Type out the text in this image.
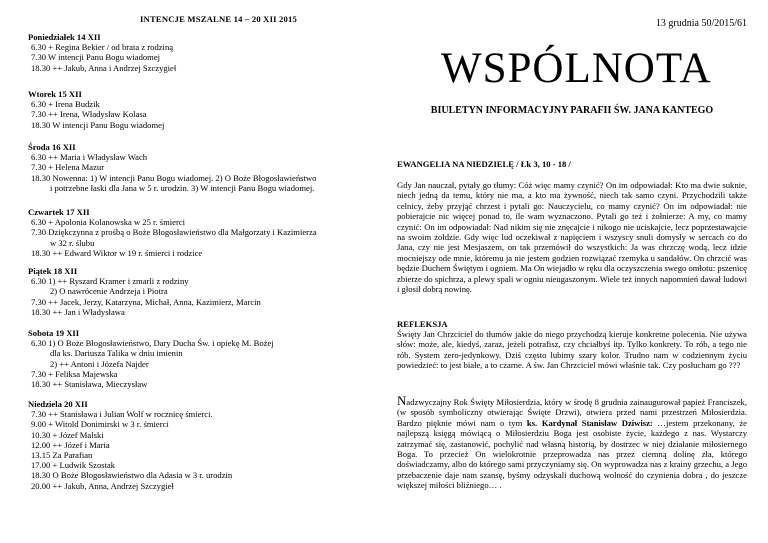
INTENCJE MSZALNE 14 – 20 XII 2015
Poniedziałek 14 XII
6.30 + Regina Bekier / od brata z rodziną
7.30 W intencji Panu Bogu wiadomej
18.30 ++ Jakub, Anna i Andrzej Szczygieł
Wtorek 15 XII
6.30 + Irena Budzik
7.30 ++ Irena, Władysław Kolasa
18.30 W intencji Panu Bogu wiadomej
Środa 16 XII
6.30 ++ Maria i Władysław Wach
7.30 + Helena Mazur
18.30 Nowenna: 1) W intencji Panu Bogu wiadomej. 2) O Boże Błogosławieństwo
i potrzebne łaski dla Jana w 5 r. urodzin. 3) W intencji Panu Bogu wiadomej.
Czwartek 17 XII
6.30 + Apolonia Kolanowska w 25 r. śmierci
7.30 Dziękczynna z prośbą o Boże Błogosławieństwo dla Małgorzaty i Kazimierza
w 32 r. ślubu
18.30 ++ Edward Wiktor w 19 r. śmierci i rodzice
Piątek 18 XII
6.30 1) ++ Ryszard Kramer i zmarli z rodziny
2) O nawrócenie Andrzeja i Piotra
7.30 ++ Jacek, Jerzy, Katarzyna, Michał, Anna, Kazimierz, Marcin
18.30 ++ Jan i Władysława
Sobota 19 XII
6.30 1) O Boże Błogosławieństwo, Dary Ducha Św. i opiekę M. Bożej
dla ks. Dariusza Talika w dniu imienin
2) ++ Antoni i Józefa Najder
7.30 + Feliksa Majewska
18.30 ++ Stanisława, Mieczysław
Niedziela 20 XII
7.30 ++ Stanisława i Julian Wolf w rocznicę śmierci.
9.00 + Witold Donimirski w 3 r. śmierci
10.30 + Józef Malski
12.00 ++ Józef i Maria
13.15 Za Parafian
17.00 + Ludwik Szostak
18.30 O Boże Błogosławieństwo dla Adasia w 3 r. urodzin
20.00 ++ Jakub, Anna, Andrzej Szczygieł
13 grudnia 50/2015/61
WSPÓLNOTA
BIULETYN INFORMACYJNY PARAFII ŚW. JANA KANTEGO
EWANGELIA NA NIEDZIELĘ / Łk 3, 10 - 18 /

Gdy Jan nauczał, pytały go tłumy: Cóż więc mamy czynić? On im odpowiadał: Kto ma dwie suknie, niech jedną da temu, który nie ma, a kto ma żywność, niech tak samo czyni. Przychodzili także celnicy, żeby przyjąć chrzest i pytali go: Nauczycielu, co mamy czynić? On im odpowiadał: nie pobierajcie nic więcej ponad to, ile wam wyznaczono. Pytali go też i żołnierze: A my, co mamy czynić: On im odpowiadał: Nad nikim się nie znęcajcie i nikogo nie uciskajcie, lecz poprzestawajcie na swoim żołdzie. Gdy więc lud oczekiwał z napięciem i wszyscy snuli domysły w sercach co do Jana, czy nie jest Mesjaszem, on tak przemówił do wszystkich: Ja was chrzczę wodą, lecz idzie mocniejszy ode mnie, któremu ja nie jestem godzien rozwiązać rzemyka u sandałów. On chrzcić was będzie Duchem Świętym i ogniem. Ma On wiejadło w ręku dla oczyszczenia swego omłotu: pszenicę zbierze do spichrza, a plewy spali w ogniu nieugaszonym. Wiele też innych napomnień dawał ludowi i głosił dobrą nowinę.

REFLEKSJA

Święty Jan Chrzciciel do tłumów jakie do niego przychodzą kieruje konkretne polecenia. Nie używa słów: może, ale, kiedyś, zaraz, jeżeli potrafisz, czy chciałbyś itp. Tylko konkrety. To rób, a tego nie rób. System zero-jedynkowy. Dziś często lubimy szary kolor. Trudno nam w codziennym życiu powiedzieć: to jest białe, a to czarne. A św. Jan Chrzciciel mówi właśnie tak. Czy posłucham go ???

Nadzwyczajny Rok Święty Miłosierdzia, który w środę 8 grudnia zainaugurował papież Franciszek, (w sposób symboliczny otwierając Święte Drzwi), otwiera przed nami przestrzeń Miłosierdzia. Bardzo pięknie mówi nam o tym ks. Kardynał Stanisław Dziwisz: …jestem przekonany, że najlepszą księgą mówiącą o Miłosierdziu Boga jest osobiste życie, każdego z nas. Wystarczy zatrzymać się, zastanowić, pochylić nad własną historią, by dostrzec w niej działanie miłosiernego Boga. To przecież On wielokrotnie przeprowadza nas przez ciemną dolinę zła, którego doświadczamy, albo do którego sami przyczyniamy się. On wyprowadza nas z krainy grzechu, a Jego przebaczenie daje nam szansę, byśmy odzyskali duchową wolność do czynienia dobra , do jeszcze większej miłości bliźniego… .
